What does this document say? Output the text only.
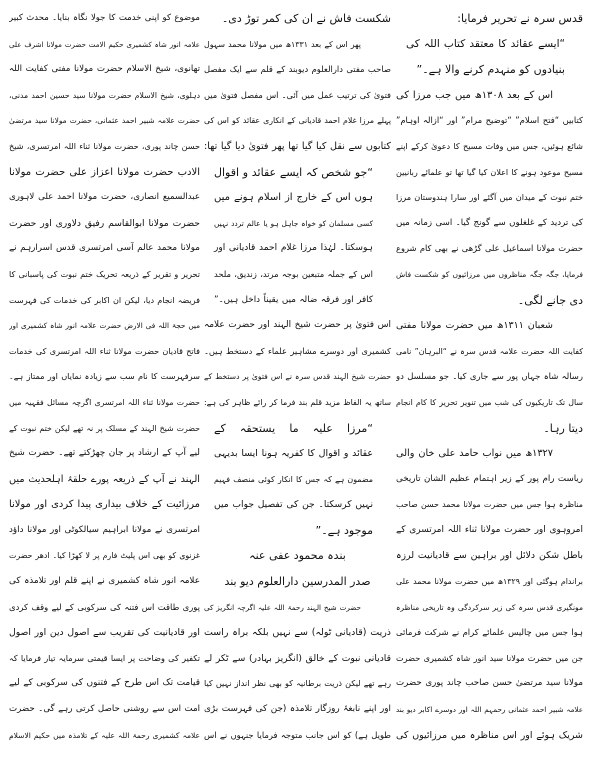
قدس سرہ نے تحریر فرمایا:
“ایسے عقائد کا معتقد کتاب اللہ کی
بنیادوں کو منہدم کرنے والا ہے۔”
اس کے بعد ۱۳۰۸ھ میں جب مرزا کی
کتابیں “فتح اسلام” “توضیح مرام” اور “ازالہ اوہام”
شائع ہوئیں، جس میں وفات مسیح کا دعویٰ کرکے اپنے
مسیح موعود ہونے کا اعلان کیا گیا تھا تو علمائے ربانیین
ختم نبوت کے میدان میں آگئے اور سارا ہندوستان مرزا
کی تردید کے غلغلوں سے گونج گیا۔ اسی زمانہ میں
حضرت مولانا اسماعیل علی گڑھی نے بھی کام شروع
فرمایا، جگہ جگہ مناظروں میں مرزائیوں کو شکست فاش
دی جانے لگی۔
شعبان ۱۳۱۱ھ میں حضرت مولانا مفتی
کفایت اللہ حضرت علامہ قدس سرہ نے “البرہان” نامی
رسالہ شاہ جہاں پور سے جاری کیا۔ جو مسلسل دو
سال تک تاریکیوں کی شب میں تنویر تحریر کا کام انجام
دیتا رہا۔
۱۳۲۷ھ میں نواب حامد علی خان والی
ریاست رام پور کے زیر اہتمام عظیم الشان تاریخی
مناظرہ ہوا جس میں حضرت مولانا محمد حسن صاحب
امروہوی اور حضرت مولانا ثناء اللہ امرتسری کے
باطل شکن دلائل اور براہین سے قادیانیت لرزہ
براندام ہوگئی اور ۱۳۲۹ھ میں حضرت مولانا محمد علی
مونگیری قدس سرہ کی زیر سرکردگی وہ تاریخی مناظرہ
ہوا جس میں چالیس علمائے کرام نے شرکت فرمائی
جن میں حضرت مولانا سید انور شاہ کشمیری حضرت
مولانا سید مرتضیٰ حسن صاحب چاند پوری حضرت
علامہ شبیر احمد عثمانی رحمہم اللہ اور دوسرے اکابر دیو بند
شریک ہوئے اور اس مناظرہ میں مرزائیوں کی
شکست فاش نے ان کی کمر توڑ دی۔
پھر اس کے بعد ۱۳۳۱ھ میں مولانا محمد سہول
صاحب مفتی دارالعلوم دیوبند کے قلم سے ایک مفصل
فتویٰ کی ترتیب عمل میں آئی۔ اس مفصل فتویٰ میں
پہلے مرزا غلام احمد قادیانی کے انکاری عقائد کو اس کی
کتابوں سے نقل کیا گیا تھا پھر فتویٰ دیا گیا تھا:
“جو شخص کہ ایسے عقائد و اقوال
ہوں اس کے خارج از اسلام ہونے میں
کسی مسلمان کو خواہ جاہل ہو یا عالم تردد نہیں
ہوسکتا۔ لہٰذا مرزا غلام احمد قادیانی اور
اس کے جملہ متبعین بوجہ مرتد، زندیق، ملحد
کافر اور فرقہ ضالہ میں یقیناً داخل ہیں۔”
اس فتویٰ پر حضرت شیخ الہند اور حضرت علامہ
کشمیری اور دوسرے مشاہیر علماء کے دستخط ہیں۔
حضرت شیخ الہند قدس سرہ نے اس فتویٰ پر دستخط کے
ساتھ یہ الفاظ مزید قلم بند فرما کر رائے ظاہر کی ہے:
“مرزا علیہ ما یستحقہ کے
عقائد و اقوال کا کفریہ ہونا ایسا بدیہی
مضمون ہے کہ جس کا انکار کوئی منصف فہیم
نہیں کرسکتا۔ جن کی تفصیل جواب میں
موجود ہے۔”
بندہ محمود عفی عنہ
صدر المدرسین دارالعلوم دیو بند
حضرت شیخ الہند رحمۃ اللہ علیہ اگرچہ انگریز کی
ذریت (قادیانی ٹولہ) سے نہیں بلکہ براہ راست
قادیانی نبوت کے خالق (انگریز بہادر) سے ٹکر لے
رہے تھے لیکن ذریت برطانیہ کو بھی نظر انداز نہیں کیا
اور اپنے نابغۂ روزگار تلامذہ (جن کی فہرست بڑی
طویل ہے) کو اس جانب متوجہ فرمایا جنہوں نے اس
موضوع کو اپنی خدمت کا جولا نگاہ بنایا۔ محدث کبیر
علامہ انور شاہ کشمیری حکیم الامت حضرت مولانا اشرف علی
تھانوی، شیخ الاسلام حضرت مولانا مفتی کفایت اللہ
دہلوی، شیخ الاسلام حضرت مولانا سید حسین احمد مدنی،
حضرت علامہ شبیر احمد عثمانی، حضرت مولانا سید مرتضیٰ
حسن چاند پوری، حضرت مولانا ثناء اللہ امرتسری، شیخ
الادب حضرت مولانا اعزاز علی حضرت مولانا
عبدالسمیع انصاری، حضرت مولانا احمد علی لاہوری
حضرت مولانا ابوالقاسم رفیق دلاوری اور حضرت
مولانا محمد عالم آسی امرتسری قدس اسرارہم نے
تحریر و تقریر کے ذریعہ تحریک ختم نبوت کی پاسبانی کا
فریضہ انجام دیا، لیکن ان اکابر کی خدمات کی فہرست
میں حجۃ اللہ فی الارض حضرت علامہ انور شاہ کشمیری اور
فاتح قادیان حضرت مولانا ثناء اللہ امرتسری کی خدمات
سرفہرست کا نام سب سے زیادہ نمایاں اور ممتاز ہے۔
حضرت مولانا ثناء اللہ امرتسری اگرچہ مسائل فقہیہ میں
حضرت شیخ الہند کے مسلک پر نہ تھے لیکن ختم نبوت کے
لیے آپ کے ارشاد پر جان چھڑکتے تھے۔ حضرت شیخ
الہند نے آپ کے ذریعہ پورے حلقۂ اہلحدیث میں
مرزائیت کے خلاف بیداری پیدا کردی اور مولانا
امرتسری نے مولانا ابراہیم سیالکوٹی اور مولانا داؤد
غزنوی کو بھی اس پلیٹ فارم پر لا کھڑا کیا۔ ادھر حضرت
علامہ انور شاہ کشمیری نے اپنے قلم اور تلامذہ کی
پوری طاقت اس فتنہ کی سرکوبی کے لیے وقف کردی
اور قادیانیت کی تقریب سے اصول دین اور اصول
تکفیر کی وضاحت پر ایسا قیمتی سرمایہ تیار فرمایا کہ
قیامت تک اس طرح کے فتنوں کی سرکوبی کے لیے
امت اس سے روشنی حاصل کرتی رہے گی۔ حضرت
علامہ کشمیری رحمۃ اللہ علیہ کے تلامذہ میں حکیم الاسلام
